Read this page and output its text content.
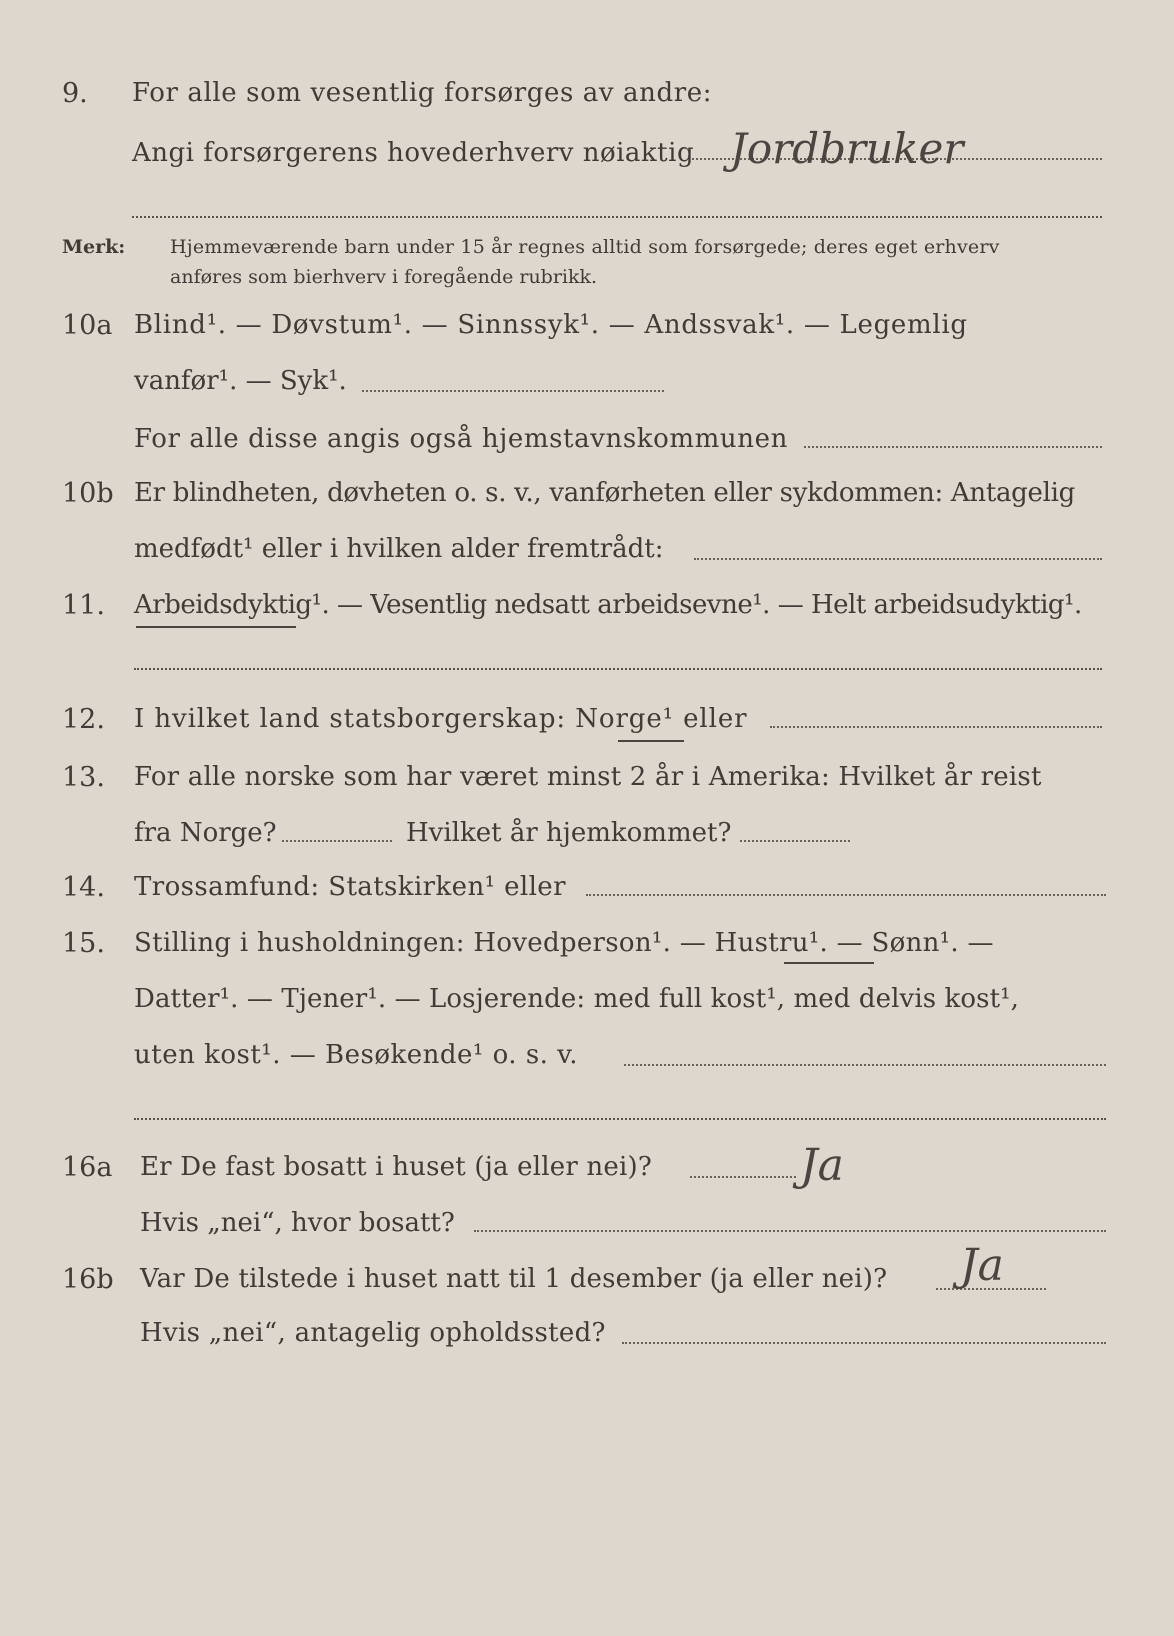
9. For alle som vesentlig forsørges av andre:
Angi forsørgerens hovederhverv nøiaktig Jordbruker
Merk: Hjemmeværende barn under 15 år regnes alltid som forsørgede; deres eget erhverv
anføres som bierhverv i foregående rubrikk.
10a Blind¹. — Døvstum¹. — Sinnssyk¹. — Andssvak¹. — Legemlig
vanfør¹. — Syk¹.
For alle disse angis også hjemstavnskommunen
10b Er blindheten, døvheten o. s. v., vanførheten eller sykdommen: Antagelig
medfødt¹ eller i hvilken alder fremtrådt:
11. Arbeidsdyktig¹. — Vesentlig nedsatt arbeidsevne¹. — Helt arbeidsudyktig¹.
12. I hvilket land statsborgerskap: Norge¹ eller
13. For alle norske som har været minst 2 år i Amerika: Hvilket år reist
fra Norge?	Hvilket år hjemkommet?
14. Trossamfund: Statskirken¹ eller
15. Stilling i husholdningen: Hovedperson¹. — Hustru¹. — Sønn¹. —
Datter¹. — Tjener¹. — Losjerende: med full kost¹, med delvis kost¹,
uten kost¹. — Besøkende¹ o. s. v.
16a Er De fast bosatt i huset (ja eller nei)?	Ja
Hvis „nei“, hvor bosatt?
16b Var De tilstede i huset natt til 1 desember (ja eller nei)? Ja
Hvis „nei“, antagelig opholdssted?
